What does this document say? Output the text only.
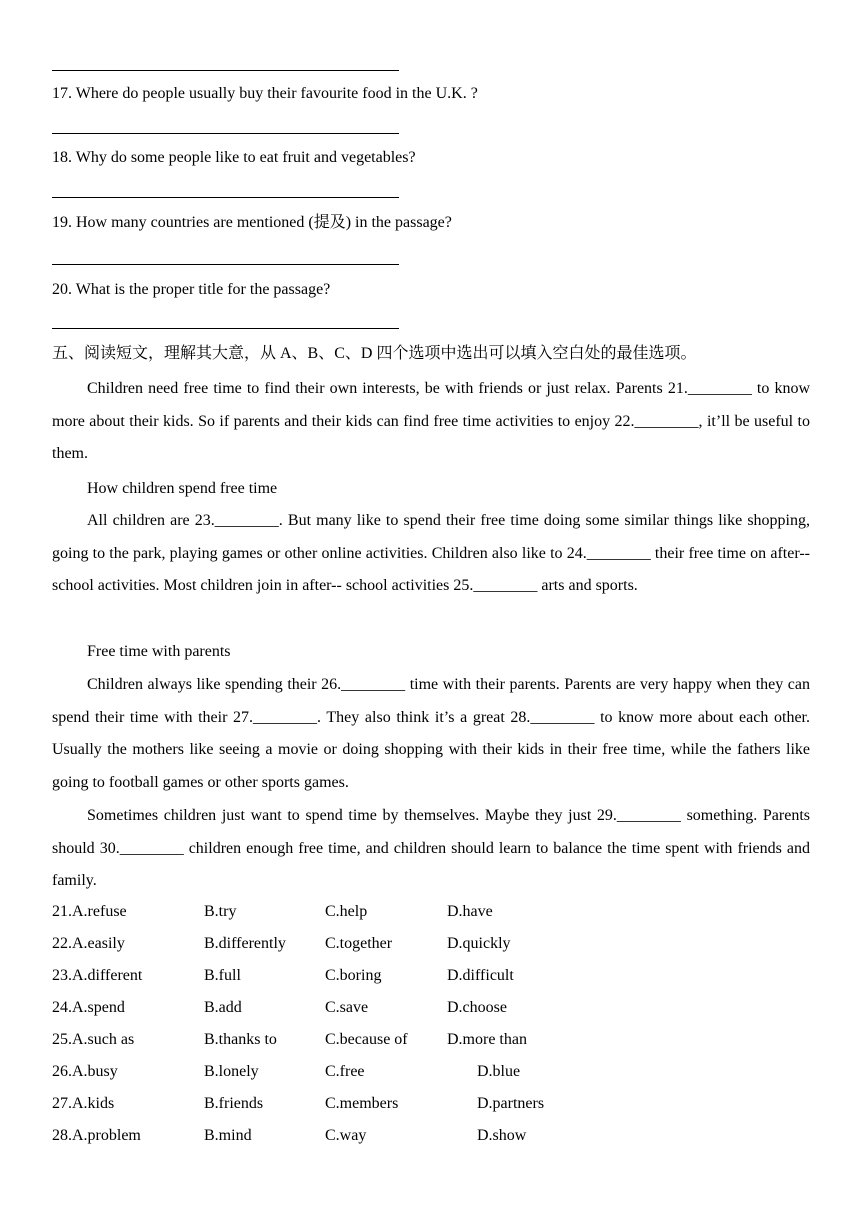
17. Where do people usually buy their favourite food in the U.K. ?
18. Why do some people like to eat fruit and vegetables?
19. How many countries are mentioned (提及) in the passage?
20. What is the proper title for the passage?
五、阅读短文，理解其大意，从 A、B、C、D 四个选项中选出可以填入空白处的最佳选项。
Children need free time to find their own interests, be with friends or just relax. Parents 21.________ to know more about their kids. So if parents and their kids can find free time activities to enjoy 22.________, it’ll be useful to them.
How children spend free time
All children are 23.________. But many like to spend their free time doing some similar things like shopping, going to the park, playing games or other online activities. Children also like to 24.________ their free time on after--school activities. Most children join in after-- school activities 25.________ arts and sports.
Free time with parents
Children always like spending their 26.________ time with their parents. Parents are very happy when they can spend their time with their 27.________. They also think it’s a great 28.________ to know more about each other. Usually the mothers like seeing a movie or doing shopping with their kids in their free time, while the fathers like going to football games or other sports games.
Sometimes children just want to spend time by themselves. Maybe they just 29.________ something. Parents should 30.________ children enough free time, and children should learn to balance the time spent with friends and family.
21.A.refuse	B.try	C.help	D.have
22.A.easily	B.differently C.together	D.quickly
23.A.different	B.full	C.boring	D.difficult
24.A.spend	B.add	C.save	D.choose
25.A.such as	B.thanks to	C.because of D.more than
26.A.busy	B.lonely	C.free	D.blue
27.A.kids	B.friends	C.members	D.partners
28.A.problem	B.mind	C.way	D.show
